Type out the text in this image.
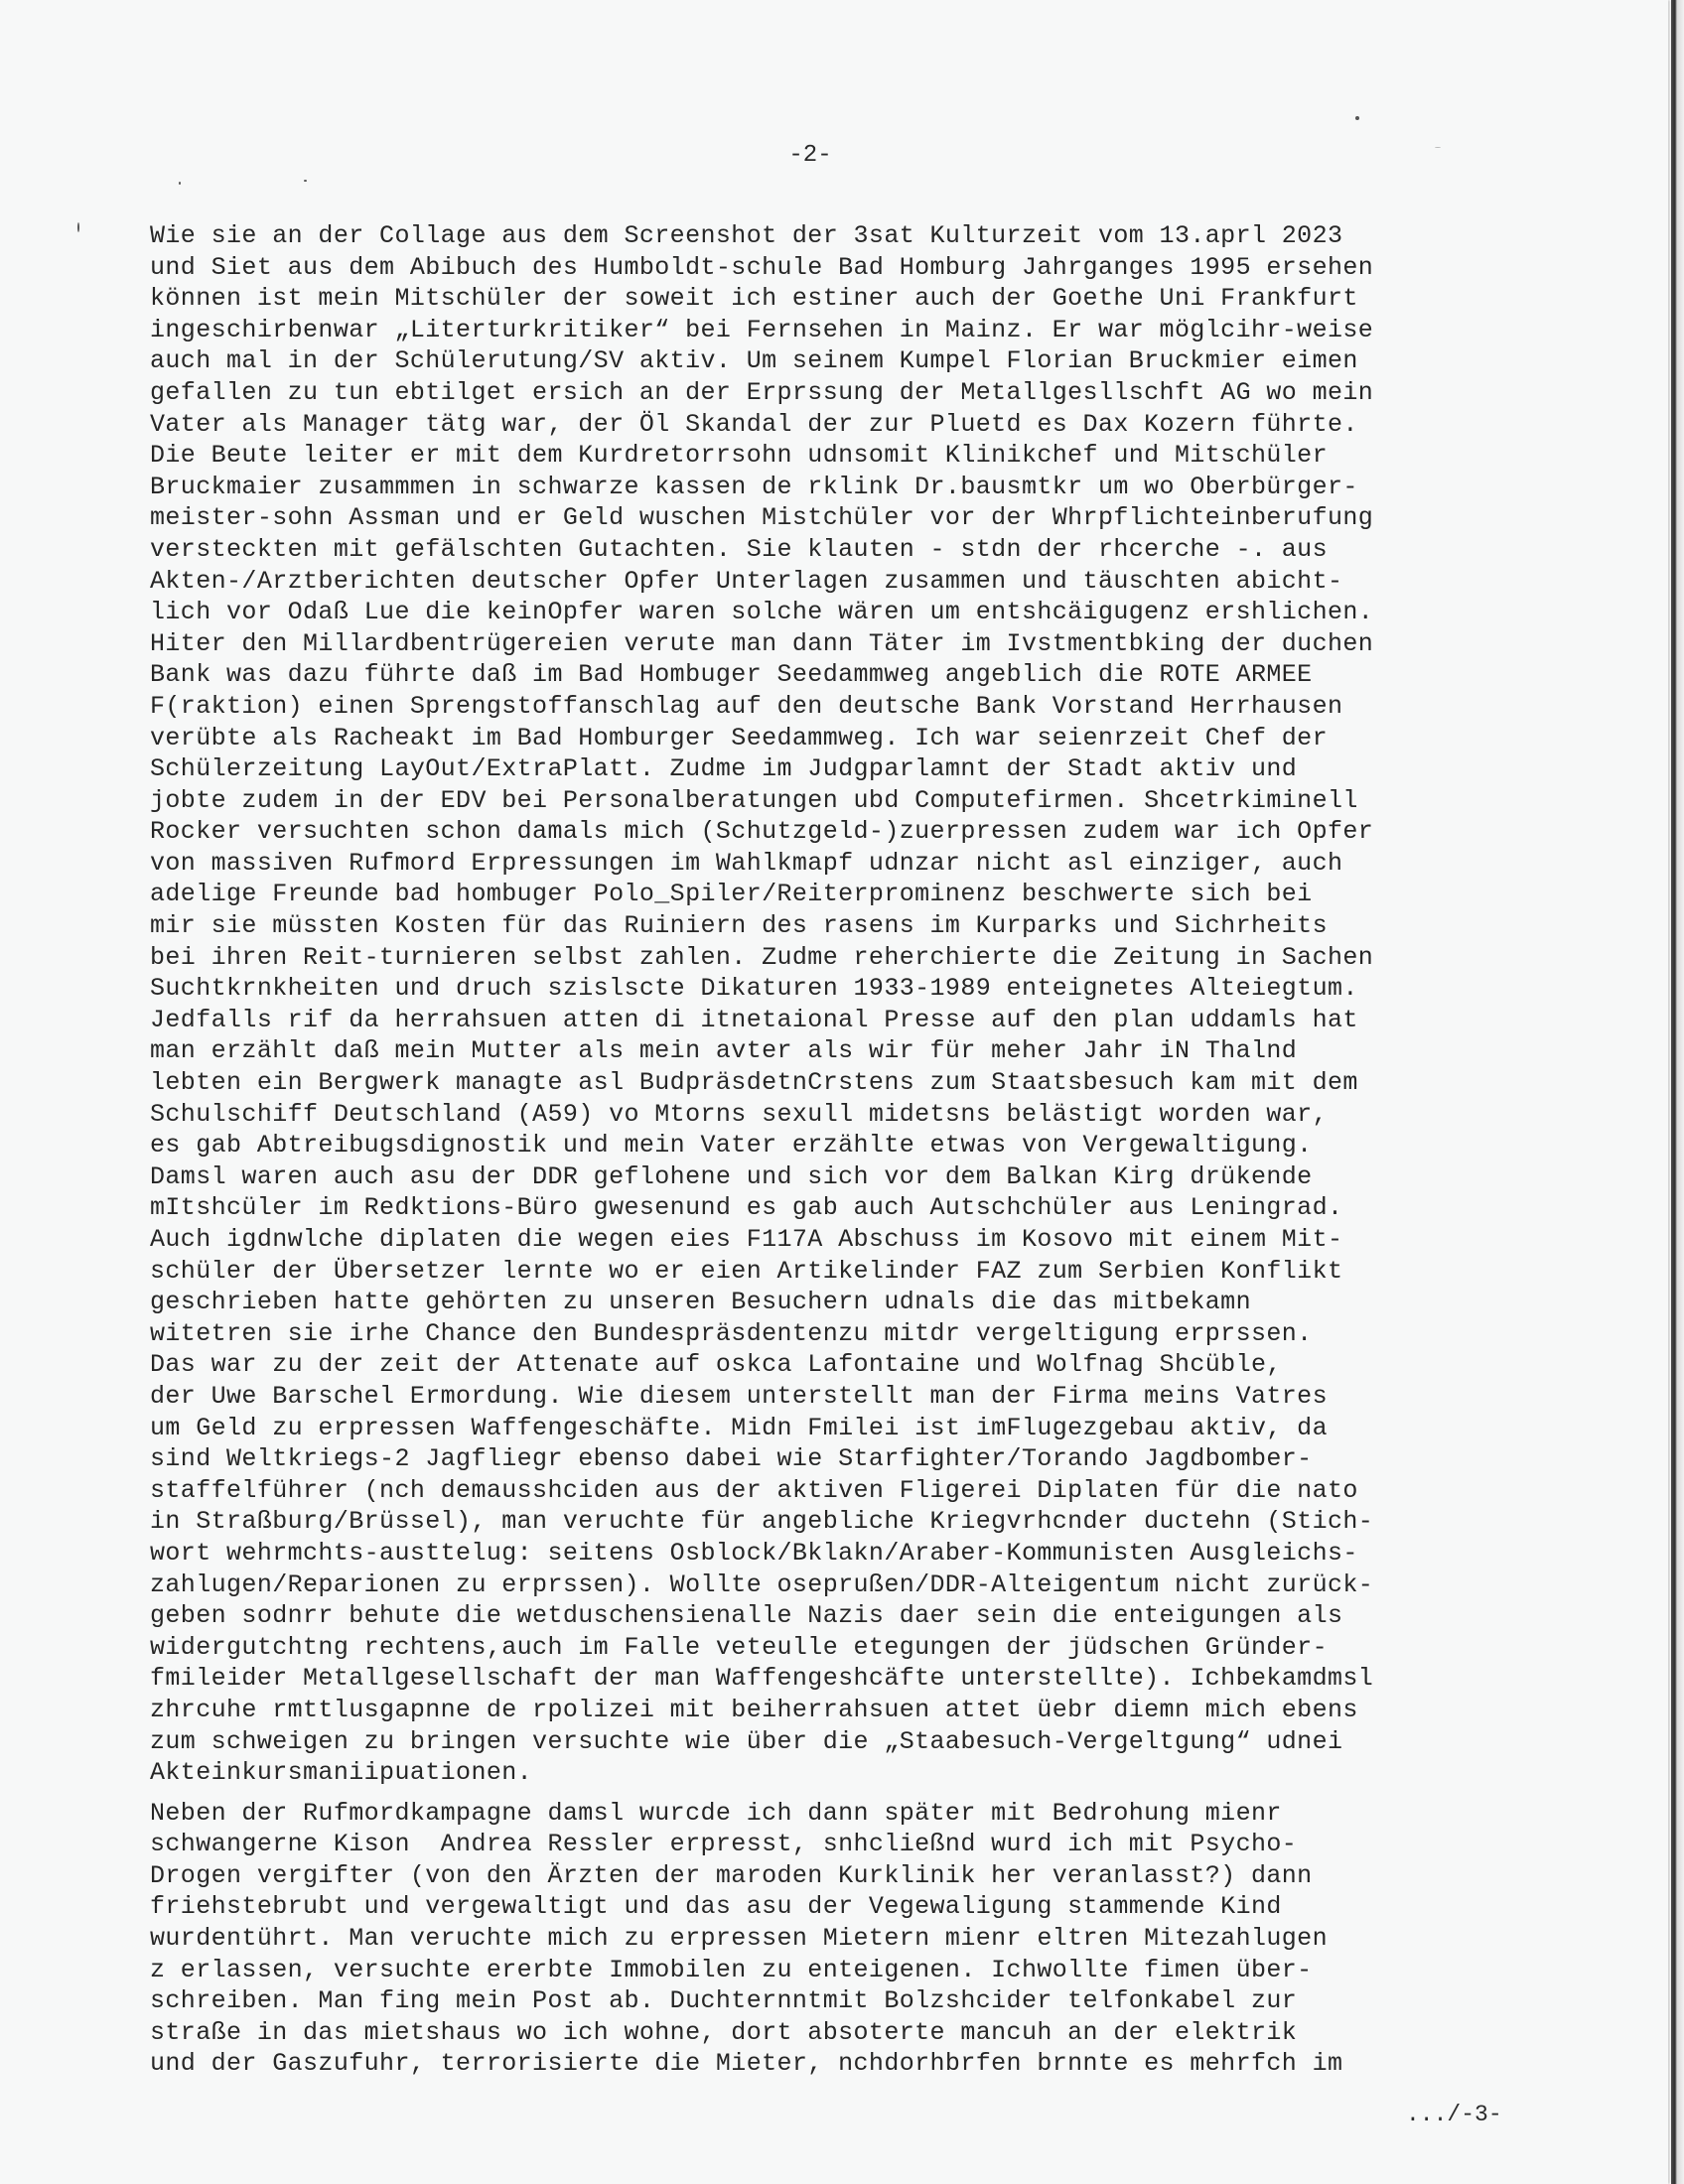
-2-
Wie sie an der Collage aus dem Screenshot der 3sat Kulturzeit vom 13.aprl 2023
und Siet aus dem Abibuch des Humboldt-schule Bad Homburg Jahrganges 1995 ersehen
können ist mein Mitschüler der soweit ich estiner auch der Goethe Uni Frankfurt
ingeschirbenwar „Literturkritiker“ bei Fernsehen in Mainz. Er war möglcihr-weise
auch mal in der Schülerutung/SV aktiv. Um seinem Kumpel Florian Bruckmier eimen
gefallen zu tun ebtilget ersich an der Erprssung der Metallgesllschft AG wo mein
Vater als Manager tätg war, der Öl Skandal der zur Pluetd es Dax Kozern führte.
Die Beute leiter er mit dem Kurdretorrsohn udnsomit Klinikchef und Mitschüler
Bruckmaier zusammmen in schwarze kassen de rklink Dr.bausmtkr um wo Oberbürger-
meister-sohn Assman und er Geld wuschen Mistchüler vor der Whrpflichteinberufung
versteckten mit gefälschten Gutachten. Sie klauten - stdn der rhcerche -. aus
Akten-/Arztberichten deutscher Opfer Unterlagen zusammen und täuschten abicht-
lich vor Odaß Lue die keinOpfer waren solche wären um entshcäigugenz ershlichen.
Hiter den Millardbentrügereien verute man dann Täter im Ivstmentbking der duchen
Bank was dazu führte daß im Bad Hombuger Seedammweg angeblich die ROTE ARMEE
F(raktion) einen Sprengstoffanschlag auf den deutsche Bank Vorstand Herrhausen
verübte als Racheakt im Bad Homburger Seedammweg. Ich war seienrzeit Chef der
Schülerzeitung LayOut/ExtraPlatt. Zudme im Judgparlamnt der Stadt aktiv und
jobte zudem in der EDV bei Personalberatungen ubd Computefirmen. Shcetrkiminell
Rocker versuchten schon damals mich (Schutzgeld-)zuerpressen zudem war ich Opfer
von massiven Rufmord Erpressungen im Wahlkmapf udnzar nicht asl einziger, auch
adelige Freunde bad hombuger Polo_Spiler/Reiterprominenz beschwerte sich bei
mir sie müssten Kosten für das Ruiniern des rasens im Kurparks und Sichrheits
bei ihren Reit-turnieren selbst zahlen. Zudme reherchierte die Zeitung in Sachen
Suchtkrnkheiten und druch szislscte Dikaturen 1933-1989 enteignetes Alteiegtum.
Jedfalls rif da herrahsuen atten di itnetaional Presse auf den plan uddamls hat
man erzählt daß mein Mutter als mein avter als wir für meher Jahr iN Thalnd
lebten ein Bergwerk managte asl BudpräsdetnCrstens zum Staatsbesuch kam mit dem
Schulschiff Deutschland (A59) vo Mtorns sexull midetsns belästigt worden war,
es gab Abtreibugsdignostik und mein Vater erzählte etwas von Vergewaltigung.
Damsl waren auch asu der DDR geflohene und sich vor dem Balkan Kirg drükende
mItshcüler im Redktions-Büro gwesenund es gab auch Autschchüler aus Leningrad.
Auch igdnwlche diplaten die wegen eies F117A Abschuss im Kosovo mit einem Mit-
schüler der Übersetzer lernte wo er eien Artikelinder FAZ zum Serbien Konflikt
geschrieben hatte gehörten zu unseren Besuchern udnals die das mitbekamn
witetren sie irhe Chance den Bundespräsdentenzu mitdr vergeltigung erprssen.
Das war zu der zeit der Attenate auf oskca Lafontaine und Wolfnag Shcüble,
der Uwe Barschel Ermordung. Wie diesem unterstellt man der Firma meins Vatres
um Geld zu erpressen Waffengeschäfte. Midn Fmilei ist imFlugezgebau aktiv, da
sind Weltkriegs-2 Jagfliegr ebenso dabei wie Starfighter/Torando Jagdbomber-
staffelführer (nch demausshciden aus der aktiven Fligerei Diplaten für die nato
in Straßburg/Brüssel), man veruchte für angebliche Kriegvrhcnder ductehn (Stich-
wort wehrmchts-austtelug: seitens Osblock/Bklakn/Araber-Kommunisten Ausgleichs-
zahlugen/Reparionen zu erprssen). Wollte oseprußen/DDR-Alteigentum nicht zurück-
geben sodnrr behute die wetduschensienalle Nazis daer sein die enteigungen als
widergutchtng rechtens,auch im Falle veteulle etegungen der jüdschen Gründer-
fmileider Metallgesellschaft der man Waffengeshcäfte unterstellte). Ichbekamdmsl
zhrcuhe rmttlusgapnne de rpolizei mit beiherrahsuen attet üebr diemn mich ebens
zum schweigen zu bringen versuchte wie über die „Staabesuch-Vergeltgung“ udnei
Akteinkursmaniipuationen.
Neben der Rufmordkampagne damsl wurcde ich dann später mit Bedrohung mienr
schwangerne Kison  Andrea Ressler erpresst, snhcließnd wurd ich mit Psycho-
Drogen vergifter (von den Ärzten der maroden Kurklinik her veranlasst?) dann
friehstebrubt und vergewaltigt und das asu der Vegewaligung stammende Kind
wurdentührt. Man veruchte mich zu erpressen Mietern mienr eltren Mitezahlugen
z erlassen, versuchte ererbte Immobilen zu enteigenen. Ichwollte fimen über-
schreiben. Man fing mein Post ab. Duchternntmit Bolzshcider telfonkabel zur
straße in das mietshaus wo ich wohne, dort absoterte mancuh an der elektrik
und der Gaszufuhr, terrorisierte die Mieter, nchdorhbrfen brnnte es mehrfch im
.../-3-
